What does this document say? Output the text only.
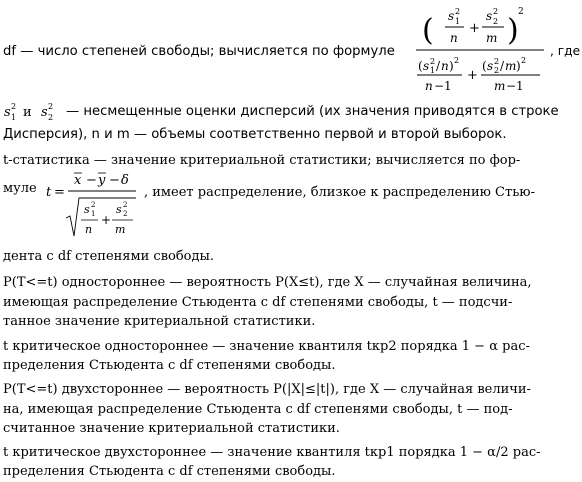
df — число степеней свободы; вычисляется по формуле
( s 2
1
n
+
s 2
2
m )
2
( s 2
1 / n ) 2
n −1
+
( s 2
2 / m ) 2
m −1
, где
s 2
1 и s 2
2 — несмещенные оценки дисперсий (их значения приводятся в строке
Дисперсия), n и m — объемы соответственно первой и второй выборок.
t-статистика — значение критериальной статистики; вычисляется по фор-
муле t =
x − y − δ
s 2
1
n
+
s 2
2
m
, имеет распределение, близкое к распределению Стью-
дента с df степенями свободы.
P(T<=t) одностороннее — вероятность P(X≤t), где X — случайная величина,
имеющая распределение Стьюдента с df степенями свободы, t — подсчи-
танное значение критериальной статистики.
t критическое одностороннее — значение квантиля tкр2 порядка 1 − α рас-
пределения Стьюдента с df степенями свободы.
P(T<=t) двухстороннее — вероятность P(|X|≤|t|), где X — случайная величи-
на, имеющая распределение Стьюдента с df степенями свободы, t — под-
считанное значение критериальной статистики.
t критическое двухстороннее — значение квантиля tкр1 порядка 1 − α/2 рас-
пределения Стьюдента с df степенями свободы.
